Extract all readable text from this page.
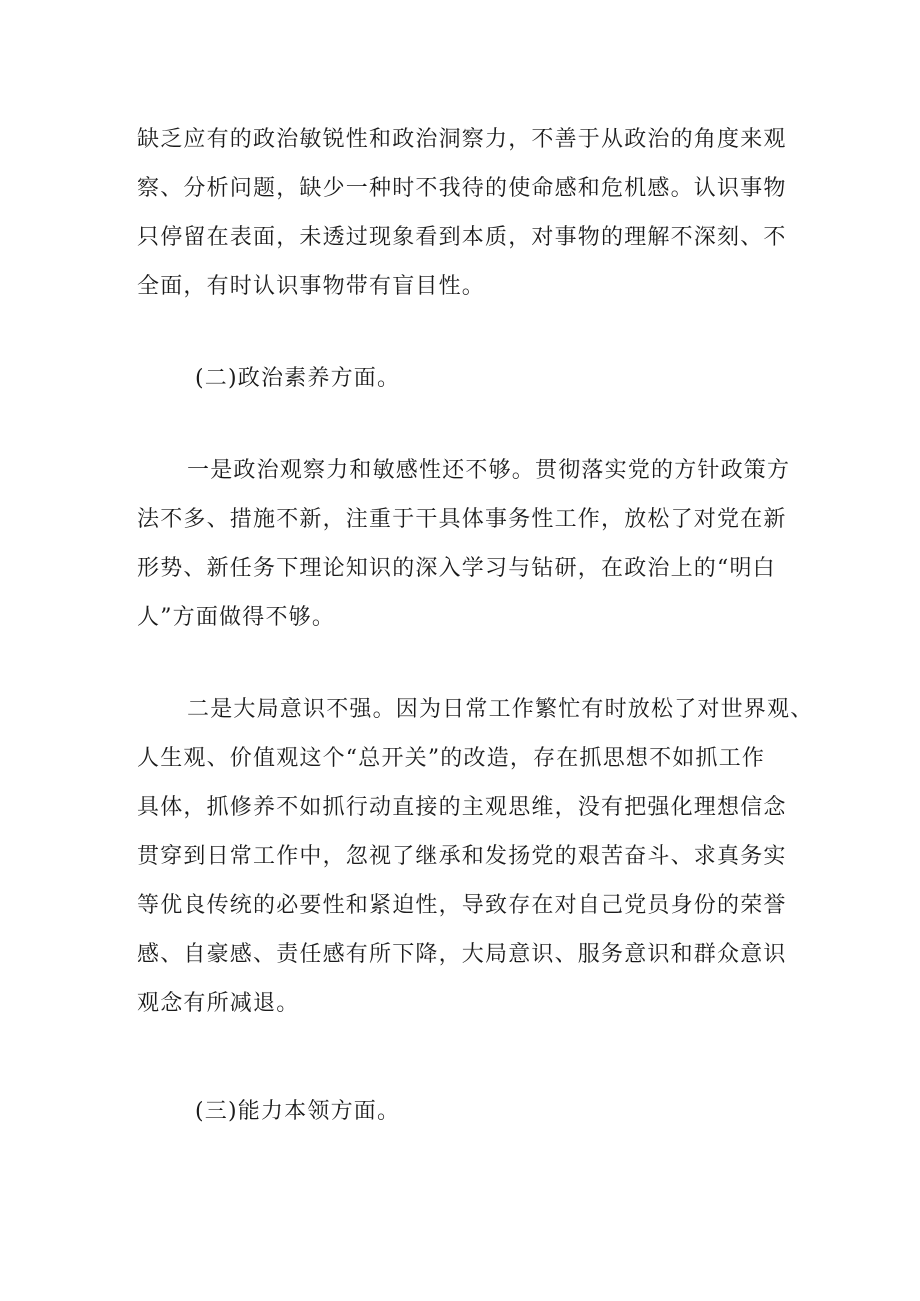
缺乏应有的政治敏锐性和政治洞察力，不善于从政治的角度来观
察、分析问题，缺少一种时不我待的使命感和危机感。认识事物
只停留在表面，未透过现象看到本质，对事物的理解不深刻、不
全面，有时认识事物带有盲目性。
(二)政治素养方面。
一是政治观察力和敏感性还不够。贯彻落实党的方针政策方
法不多、措施不新，注重于干具体事务性工作，放松了对党在新
形势、新任务下理论知识的深入学习与钻研，在政治上的“明白
人”方面做得不够。
二是大局意识不强。因为日常工作繁忙有时放松了对世界观、
人生观、价值观这个“总开关”的改造，存在抓思想不如抓工作
具体，抓修养不如抓行动直接的主观思维，没有把强化理想信念
贯穿到日常工作中，忽视了继承和发扬党的艰苦奋斗、求真务实
等优良传统的必要性和紧迫性，导致存在对自己党员身份的荣誉
感、自豪感、责任感有所下降，大局意识、服务意识和群众意识
观念有所减退。
(三)能力本领方面。
